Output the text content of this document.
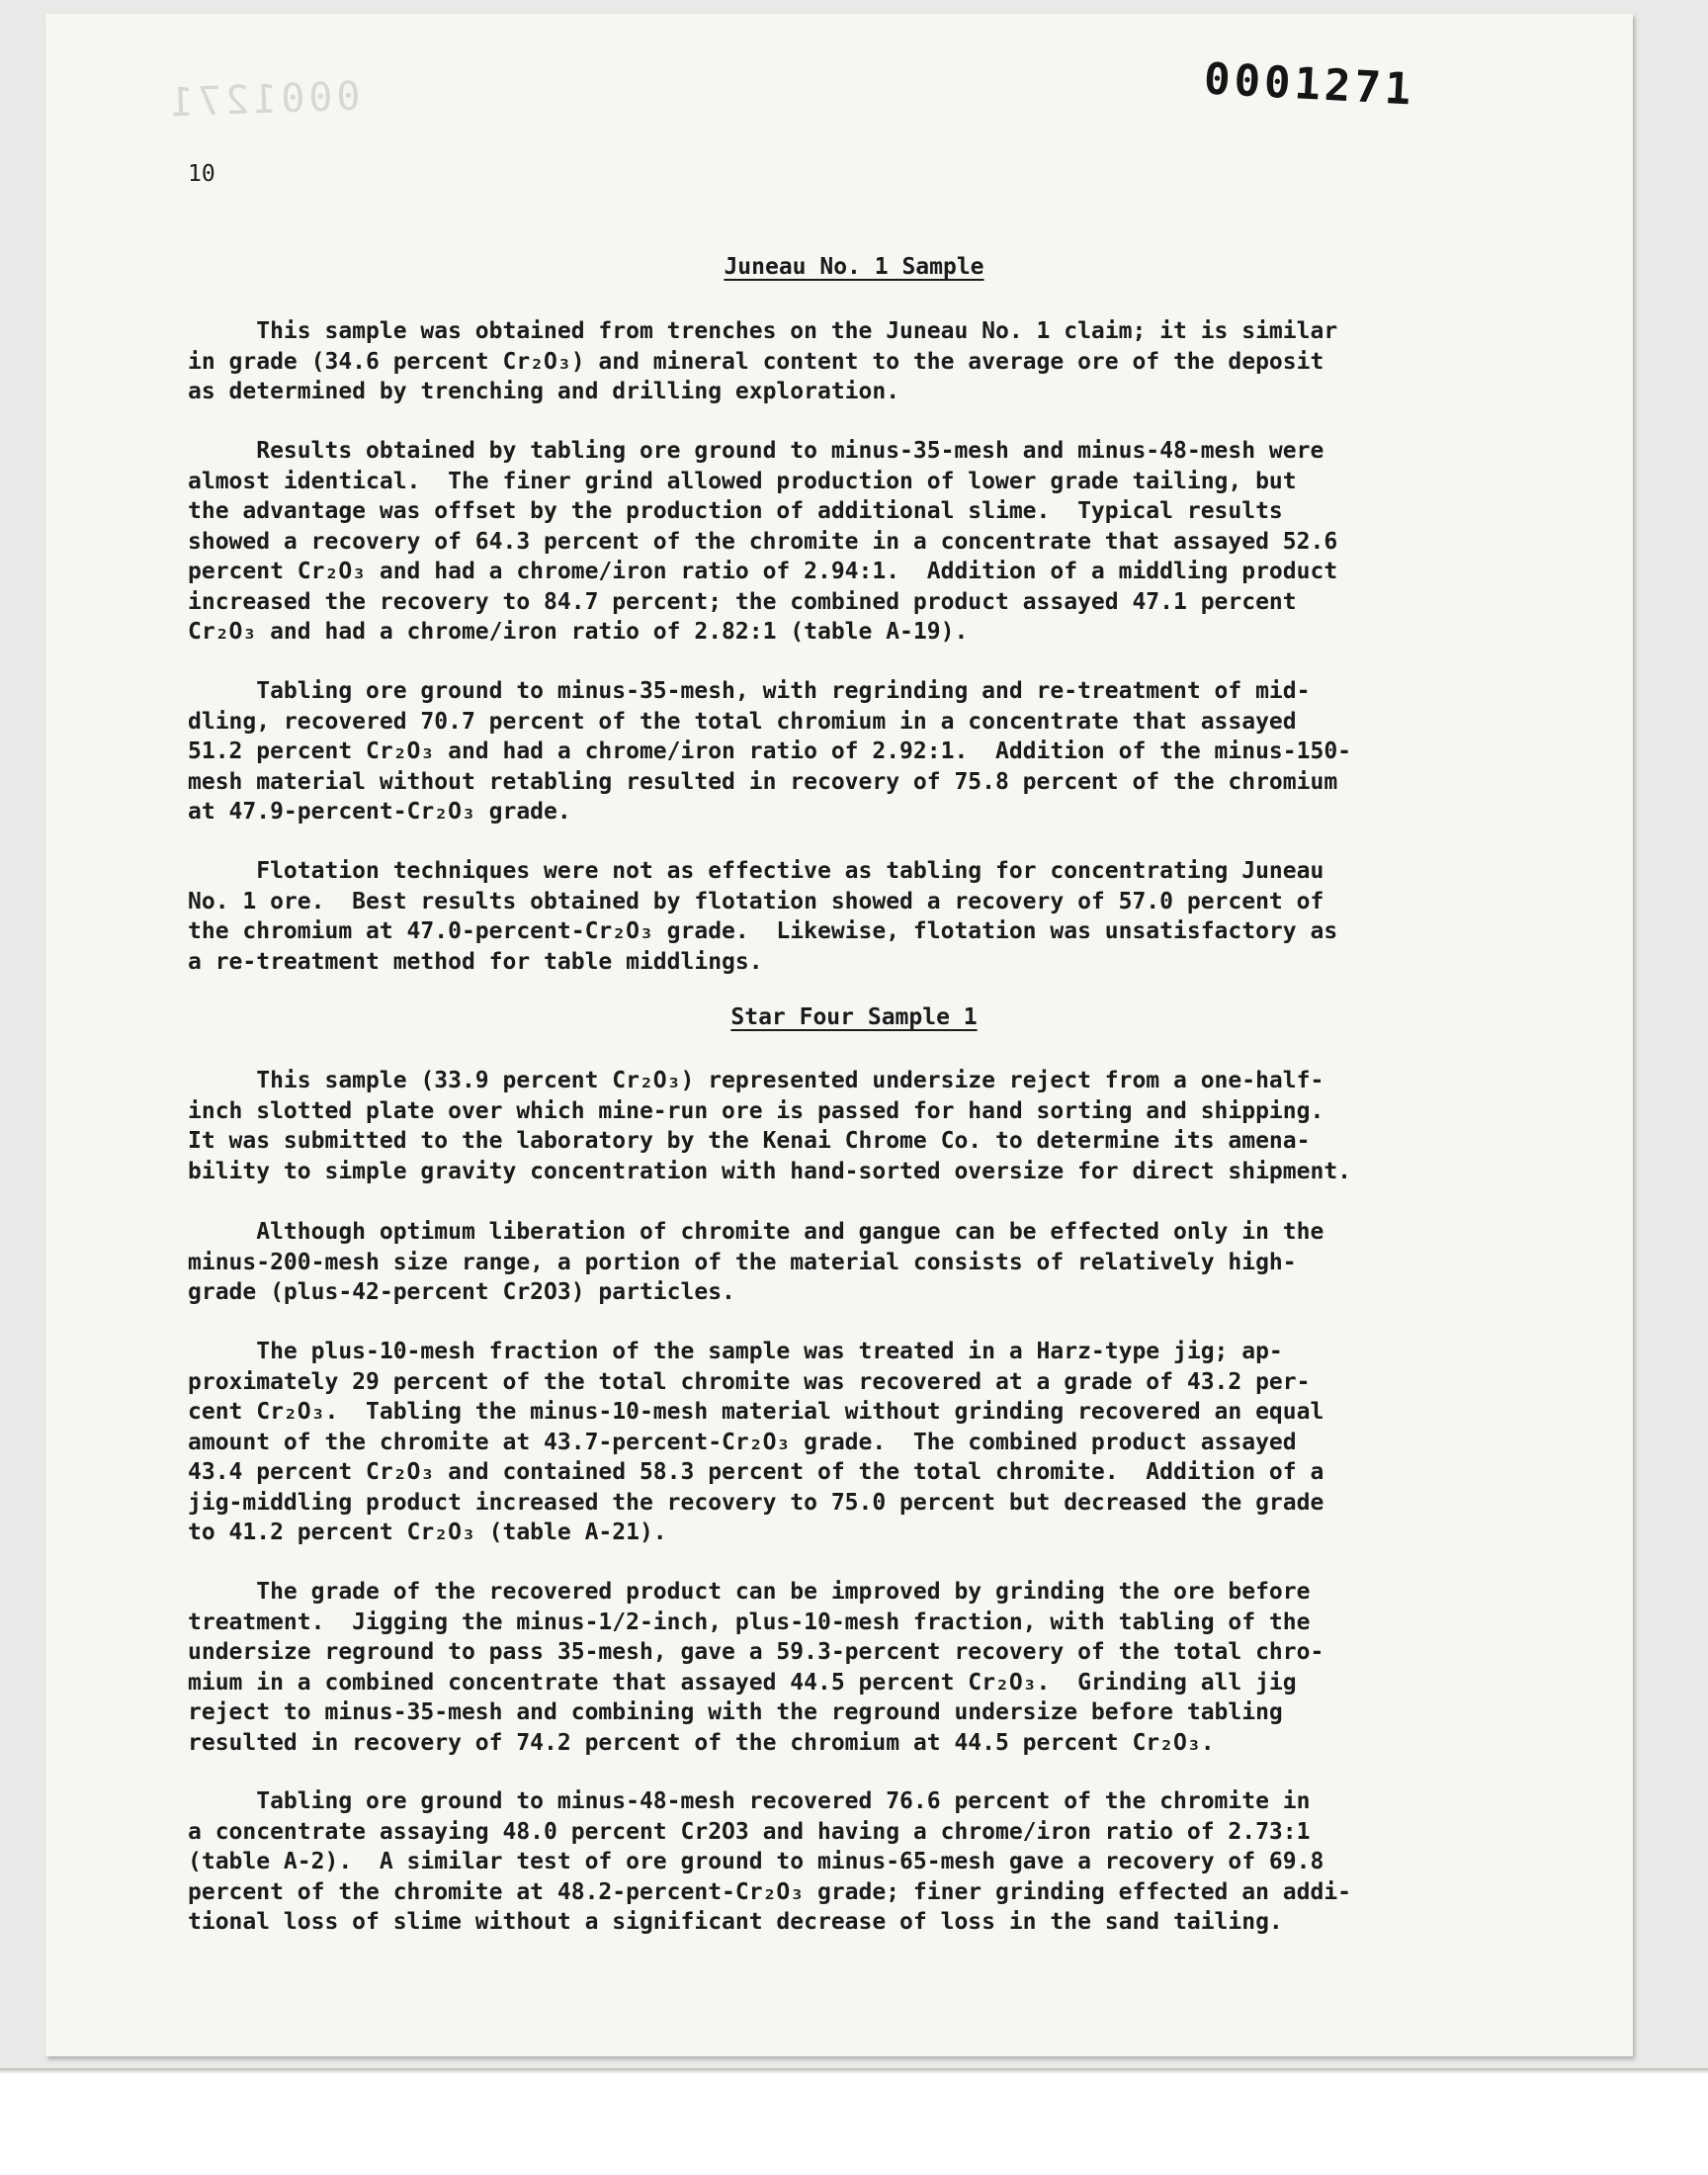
0001271
0001271
10
Juneau No. 1 Sample

This sample was obtained from trenches on the Juneau No. 1 claim; it is similar
in grade (34.6 percent Cr₂O₃) and mineral content to the average ore of the deposit
as determined by trenching and drilling exploration.

Results obtained by tabling ore ground to minus-35-mesh and minus-48-mesh were
almost identical.  The finer grind allowed production of lower grade tailing, but
the advantage was offset by the production of additional slime.  Typical results
showed a recovery of 64.3 percent of the chromite in a concentrate that assayed 52.6
percent Cr₂O₃ and had a chrome/iron ratio of 2.94:1.  Addition of a middling product
increased the recovery to 84.7 percent; the combined product assayed 47.1 percent
Cr₂O₃ and had a chrome/iron ratio of 2.82:1 (table A-19).

Tabling ore ground to minus-35-mesh, with regrinding and re-treatment of mid-
dling, recovered 70.7 percent of the total chromium in a concentrate that assayed
51.2 percent Cr₂O₃ and had a chrome/iron ratio of 2.92:1.  Addition of the minus-150-
mesh material without retabling resulted in recovery of 75.8 percent of the chromium
at 47.9-percent-Cr₂O₃ grade.

Flotation techniques were not as effective as tabling for concentrating Juneau
No. 1 ore.  Best results obtained by flotation showed a recovery of 57.0 percent of
the chromium at 47.0-percent-Cr₂O₃ grade.  Likewise, flotation was unsatisfactory as
a re-treatment method for table middlings.

Star Four Sample 1

This sample (33.9 percent Cr₂O₃) represented undersize reject from a one-half-
inch slotted plate over which mine-run ore is passed for hand sorting and shipping.
It was submitted to the laboratory by the Kenai Chrome Co. to determine its amena-
bility to simple gravity concentration with hand-sorted oversize for direct shipment.

Although optimum liberation of chromite and gangue can be effected only in the
minus-200-mesh size range, a portion of the material consists of relatively high-
grade (plus-42-percent Cr2O3) particles.

The plus-10-mesh fraction of the sample was treated in a Harz-type jig; ap-
proximately 29 percent of the total chromite was recovered at a grade of 43.2 per-
cent Cr₂O₃.  Tabling the minus-10-mesh material without grinding recovered an equal
amount of the chromite at 43.7-percent-Cr₂O₃ grade.  The combined product assayed
43.4 percent Cr₂O₃ and contained 58.3 percent of the total chromite.  Addition of a
jig-middling product increased the recovery to 75.0 percent but decreased the grade
to 41.2 percent Cr₂O₃ (table A-21).

The grade of the recovered product can be improved by grinding the ore before
treatment.  Jigging the minus-1/2-inch, plus-10-mesh fraction, with tabling of the
undersize reground to pass 35-mesh, gave a 59.3-percent recovery of the total chro-
mium in a combined concentrate that assayed 44.5 percent Cr₂O₃.  Grinding all jig
reject to minus-35-mesh and combining with the reground undersize before tabling
resulted in recovery of 74.2 percent of the chromium at 44.5 percent Cr₂O₃.

Tabling ore ground to minus-48-mesh recovered 76.6 percent of the chromite in
a concentrate assaying 48.0 percent Cr2O3 and having a chrome/iron ratio of 2.73:1
(table A-2).  A similar test of ore ground to minus-65-mesh gave a recovery of 69.8
percent of the chromite at 48.2-percent-Cr₂O₃ grade; finer grinding effected an addi-
tional loss of slime without a significant decrease of loss in the sand tailing.
